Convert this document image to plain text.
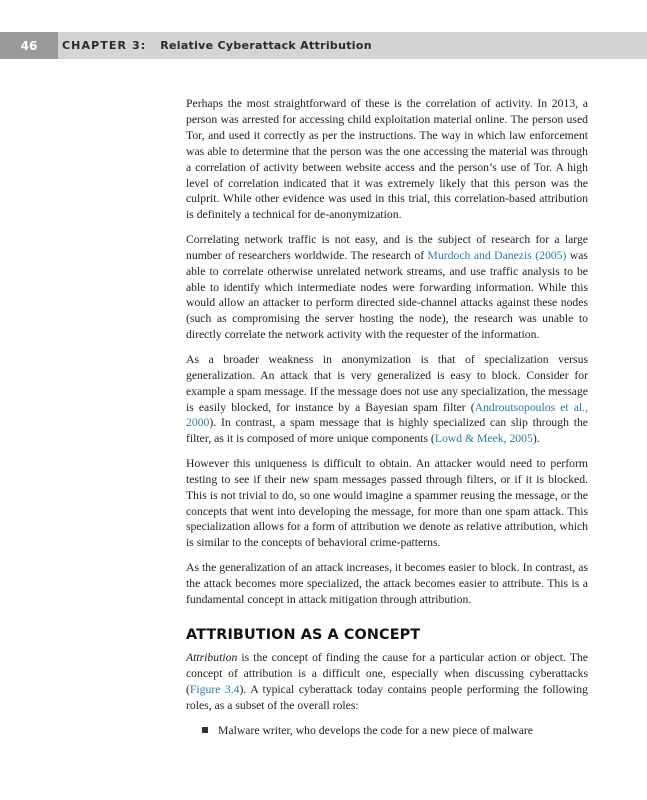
46	CHAPTER 3: Relative Cyberattack Attribution

Perhaps the most straightforward of these is the correlation of activity. In 2013, a person was arrested for accessing child exploitation material online. The person used Tor, and used it correctly as per the instructions. The way in which law enforcement was able to determine that the person was the one accessing the material was through a correlation of activity between website access and the person’s use of Tor. A high level of correlation indicated that it was extremely likely that this person was the culprit. While other evidence was used in this trial, this correlation-based attribution is definitely a technical for de-anonymization.

Correlating network traffic is not easy, and is the subject of research for a large number of researchers worldwide. The research of Murdoch and Danezis (2005) was able to correlate otherwise unrelated network streams, and use traffic analysis to be able to identify which intermediate nodes were forwarding information. While this would allow an attacker to perform directed side-channel attacks against these nodes (such as compromising the server hosting the node), the research was unable to directly correlate the network activity with the requester of the information.

As a broader weakness in anonymization is that of specialization versus generalization. An attack that is very generalized is easy to block. Consider for example a spam message. If the message does not use any specialization, the message is easily blocked, for instance by a Bayesian spam filter (Androutsopoulos et al., 2000). In contrast, a spam message that is highly specialized can slip through the filter, as it is composed of more unique components (Lowd & Meek, 2005).

However this uniqueness is difficult to obtain. An attacker would need to perform testing to see if their new spam messages passed through filters, or if it is blocked. This is not trivial to do, so one would imagine a spammer reusing the message, or the concepts that went into developing the message, for more than one spam attack. This specialization allows for a form of attribution we denote as relative attribution, which is similar to the concepts of behavioral crime-patterns.

As the generalization of an attack increases, it becomes easier to block. In contrast, as the attack becomes more specialized, the attack becomes easier to attribute. This is a fundamental concept in attack mitigation through attribution.

ATTRIBUTION AS A CONCEPT

Attribution is the concept of finding the cause for a particular action or object. The concept of attribution is a difficult one, especially when discussing cyberattacks (Figure 3.4). A typical cyberattack today contains people performing the following roles, as a subset of the overall roles:

Malware writer, who develops the code for a new piece of malware
